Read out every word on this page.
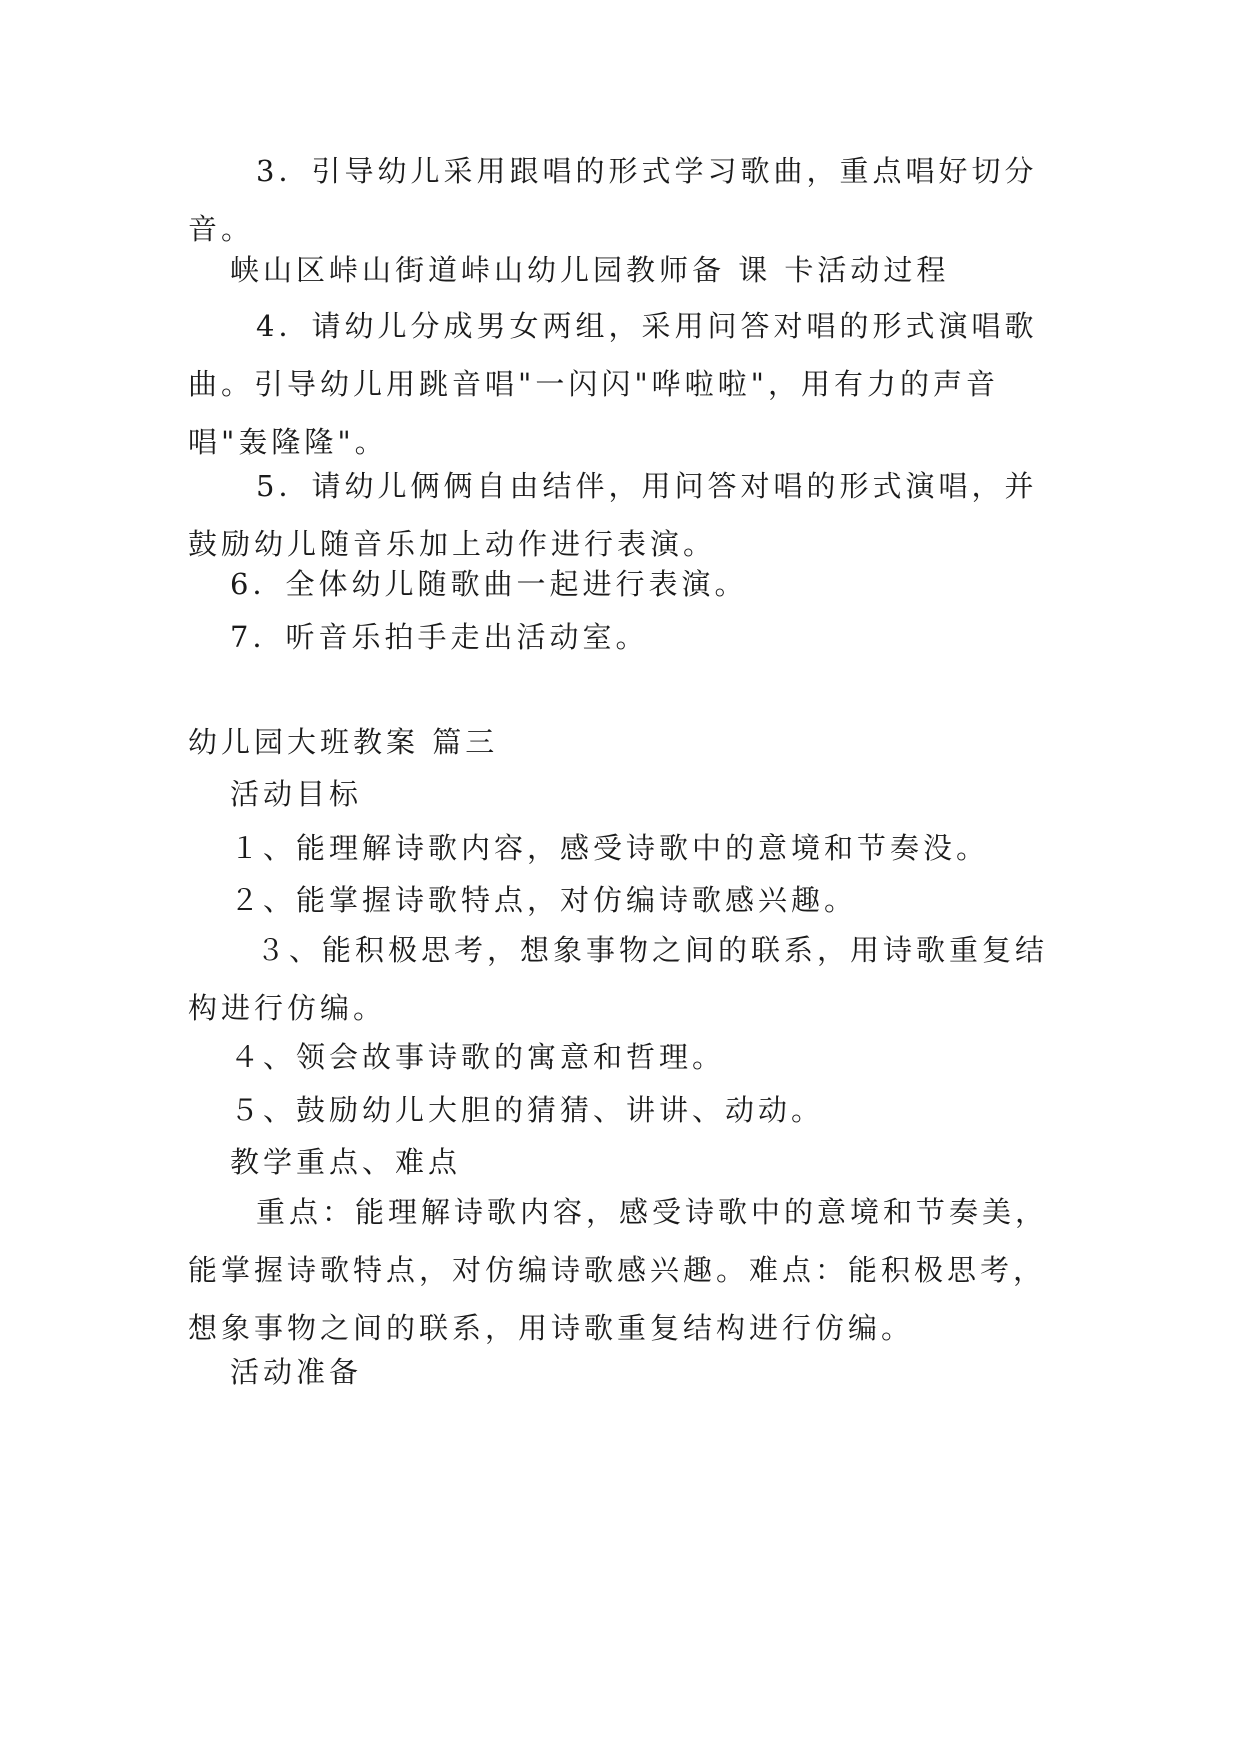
3．引导幼儿采用跟唱的形式学习歌曲，重点唱好切分音。

峡山区峠山街道峠山幼儿园教师备 课 卡活动过程

4．请幼儿分成男女两组，采用问答对唱的形式演唱歌曲。引导幼儿用跳音唱"一闪闪"哗啦啦"，用有力的声音唱"轰隆隆"。

5．请幼儿俩俩自由结伴，用问答对唱的形式演唱，并鼓励幼儿随音乐加上动作进行表演。

6．全体幼儿随歌曲一起进行表演。

7．听音乐拍手走出活动室。

幼儿园大班教案 篇三

活动目标

１、能理解诗歌内容，感受诗歌中的意境和节奏没。

２、能掌握诗歌特点，对仿编诗歌感兴趣。

３、能积极思考，想象事物之间的联系，用诗歌重复结构进行仿编。

４、领会故事诗歌的寓意和哲理。

５、鼓励幼儿大胆的猜猜、讲讲、动动。

教学重点、难点

重点：能理解诗歌内容，感受诗歌中的意境和节奏美，能掌握诗歌特点，对仿编诗歌感兴趣。难点：能积极思考，想象事物之间的联系，用诗歌重复结构进行仿编。

活动准备
